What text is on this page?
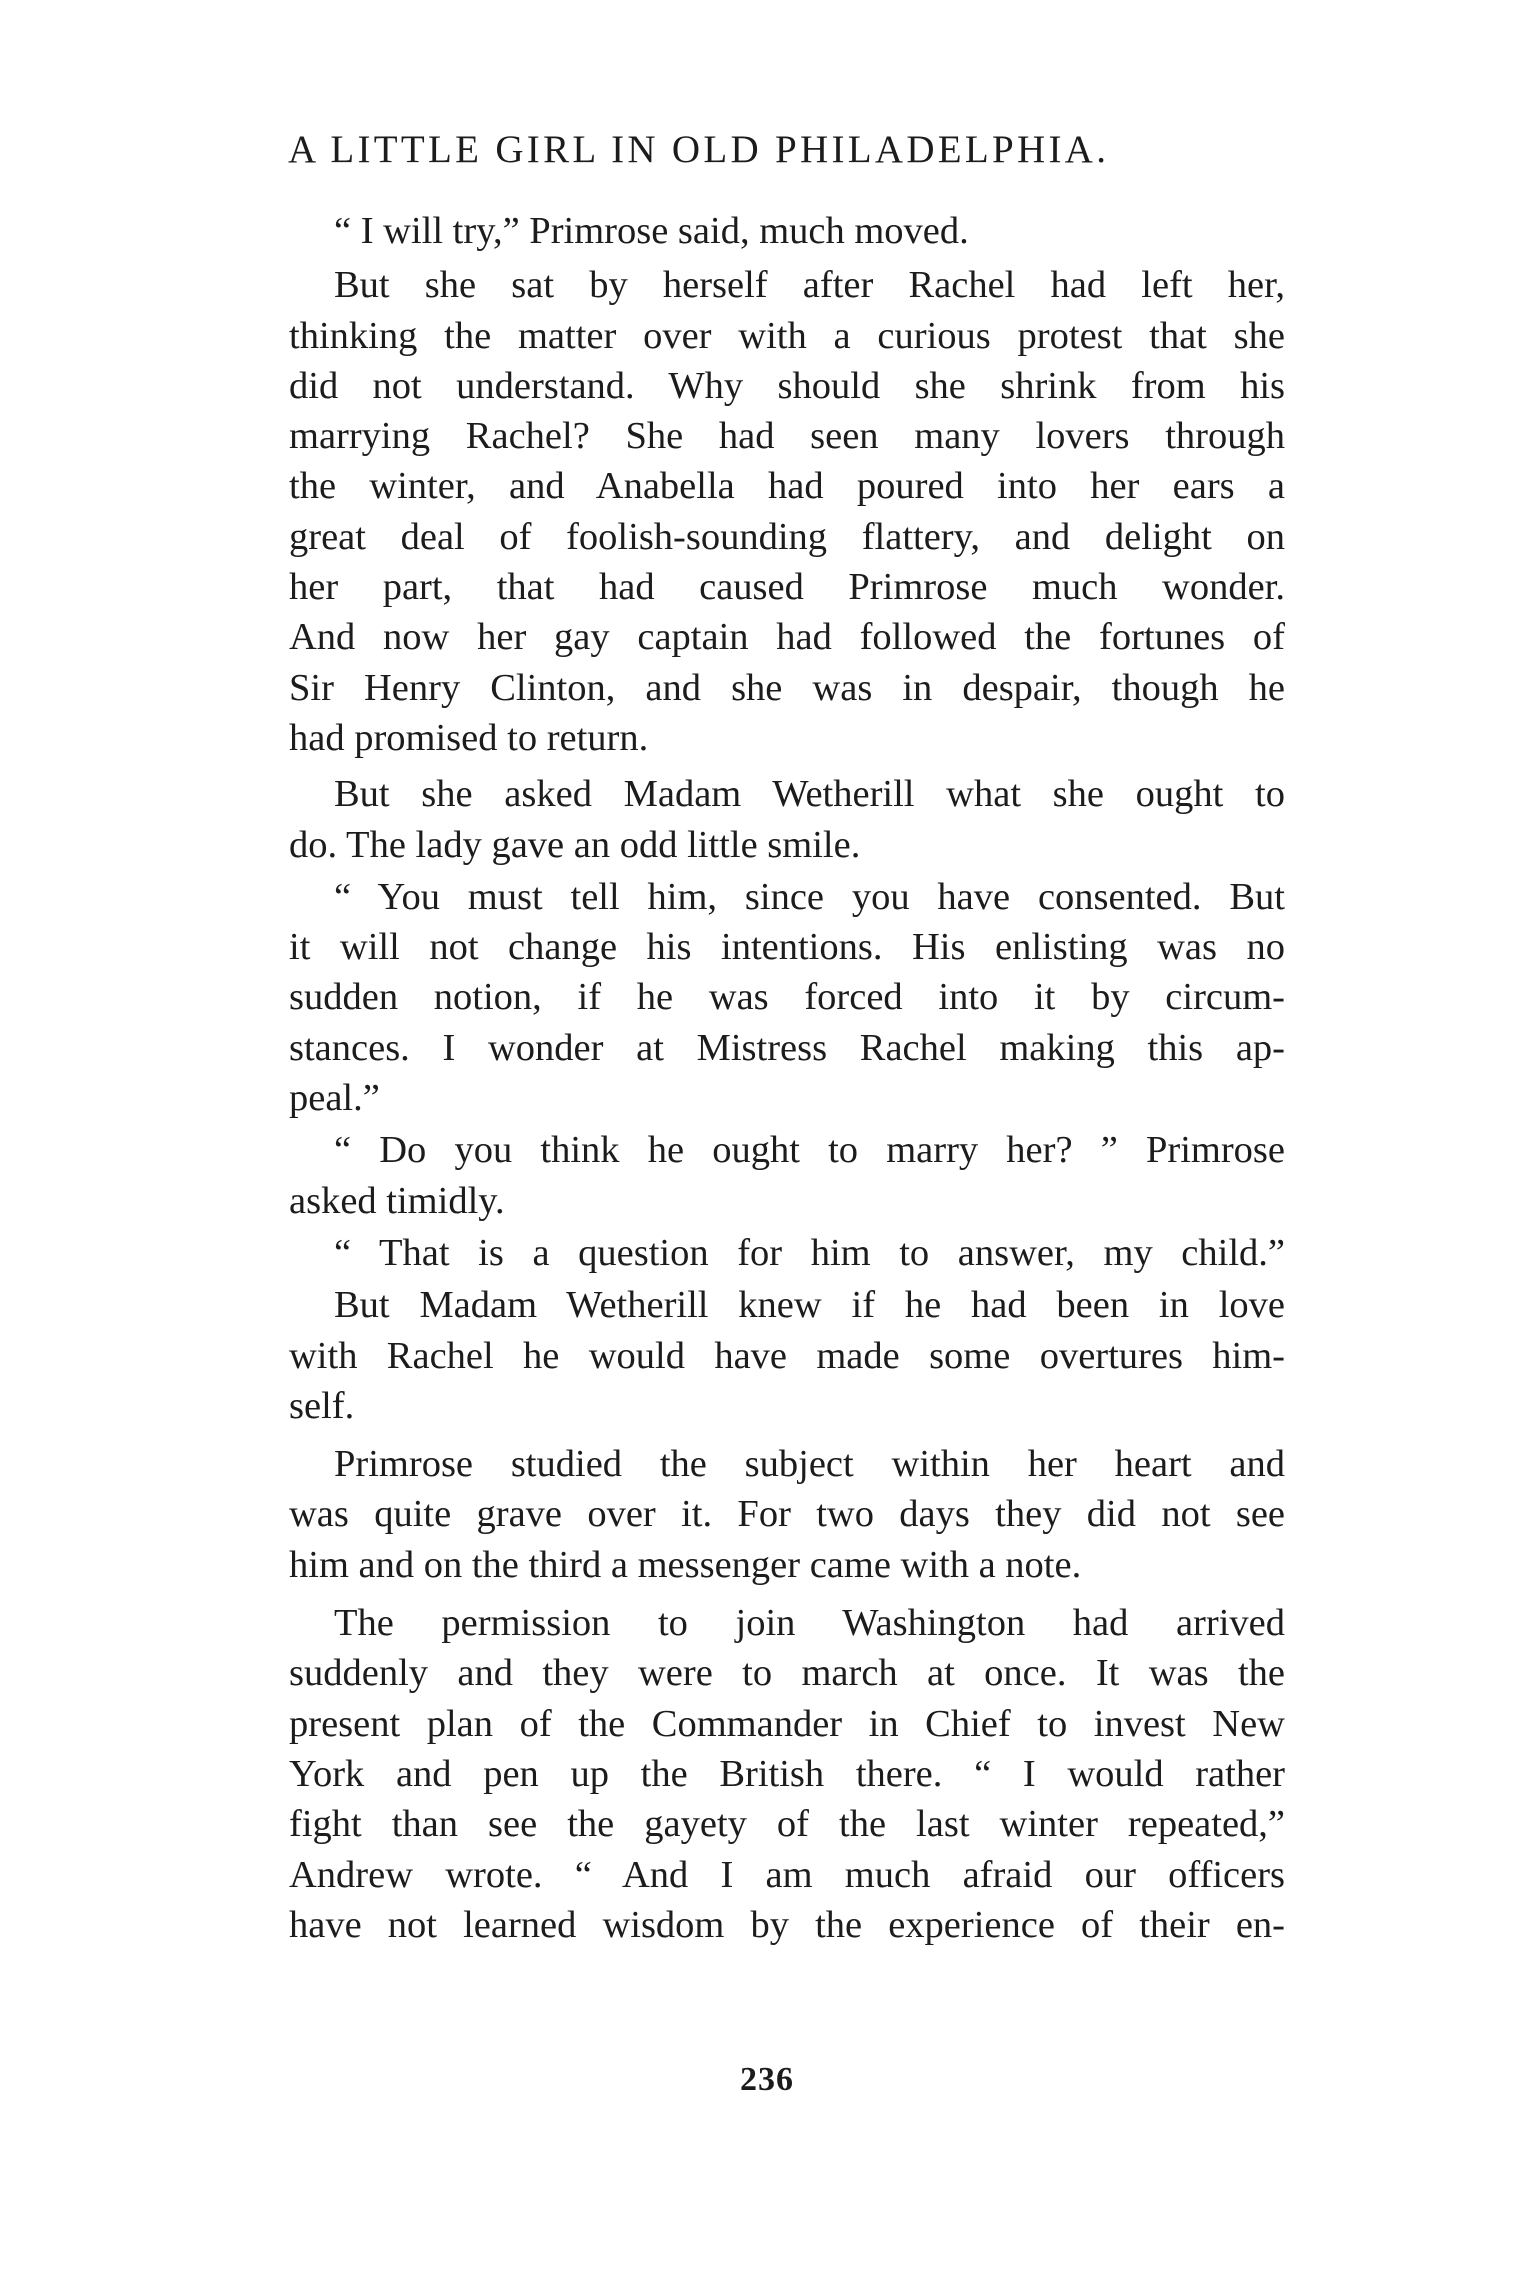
A LITTLE GIRL IN OLD PHILADELPHIA.
“ I will try,” Primrose said, much moved.
But she sat by herself after Rachel had left her,
thinking the matter over with a curious protest that she
did not understand. Why should she shrink from his
marrying Rachel? She had seen many lovers through
the winter, and Anabella had poured into her ears a
great deal of foolish-sounding flattery, and delight on
her part, that had caused Primrose much wonder.
And now her gay captain had followed the fortunes of
Sir Henry Clinton, and she was in despair, though he
had promised to return.
But she asked Madam Wetherill what she ought to
do. The lady gave an odd little smile.
“ You must tell him, since you have consented. But
it will not change his intentions. His enlisting was no
sudden notion, if he was forced into it by circum-
stances. I wonder at Mistress Rachel making this ap-
peal.”
“ Do you think he ought to marry her? ” Primrose
asked timidly.
“ That is a question for him to answer, my child.”
But Madam Wetherill knew if he had been in love
with Rachel he would have made some overtures him-
self.
Primrose studied the subject within her heart and
was quite grave over it. For two days they did not see
him and on the third a messenger came with a note.
The permission to join Washington had arrived
suddenly and they were to march at once. It was the
present plan of the Commander in Chief to invest New
York and pen up the British there. “ I would rather
fight than see the gayety of the last winter repeated,”
Andrew wrote. “ And I am much afraid our officers
have not learned wisdom by the experience of their en-
236
